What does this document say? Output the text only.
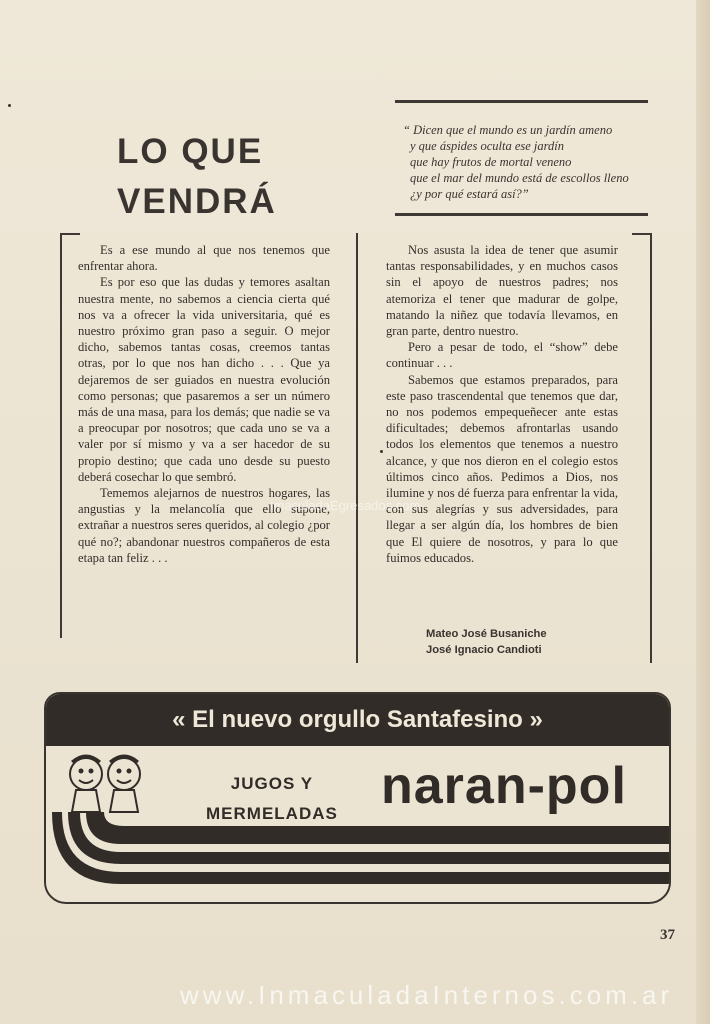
LO QUE
VENDRÁ
“ Dicen que el mundo es un jardín ameno
y que áspides oculta ese jardín
que hay frutos de mortal veneno
que el mar del mundo está de escollos lleno
¿y por qué estará así?”

Es a ese mundo al que nos tenemos que enfrentar ahora.

Es por eso que las dudas y temores asaltan nuestra mente, no sabemos a ciencia cierta qué nos va a ofrecer la vida universitaria, qué es nuestro próximo gran paso a seguir. O mejor dicho, sabemos tantas cosas, creemos tantas otras, por lo que nos han dicho . . . Que ya dejaremos de ser guiados en nuestra evolución como personas; que pasaremos a ser un número más de una masa, para los demás; que nadie se va a preocupar por nosotros; que cada uno se va a valer por sí mismo y va a ser hacedor de su propio destino; que cada uno desde su puesto deberá cosechar lo que sembró.

Tememos alejarnos de nuestros hogares, las angustias y la melancolía que ello supone, extrañar a nuestros seres queridos, al colegio ¿por qué no?; abandonar nuestros compañeros de esta etapa tan feliz . . .

Nos asusta la idea de tener que asumir tantas responsabilidades, y en muchos casos sin el apoyo de nuestros padres; nos atemoriza el tener que madurar de golpe, matando la niñez que todavía llevamos, en gran parte, dentro nuestro.

Pero a pesar de todo, el “show” debe continuar . . .

Sabemos que estamos preparados, para este paso trascendental que tenemos que dar, no nos podemos empequeñecer ante estas dificultades; debemos afrontarlas usando todos los elementos que tenemos a nuestro alcance, y que nos dieron en el colegio estos últimos cinco años. Pedimos a Dios, nos ilumine y nos dé fuerza para enfrentar la vida, con sus alegrías y sus adversidades, para llegar a ser algún día, los hombres de bien que El quiere de nosotros, y para lo que fuimos educados.

Mateo José Busaniche
José Ignacio Candioti
« El nuevo orgullo Santafesino »
JUGOS Y
MERMELADAS naran-pol
37
ImaculadaEgresados.com
www.InmaculadaInternos.com.ar
